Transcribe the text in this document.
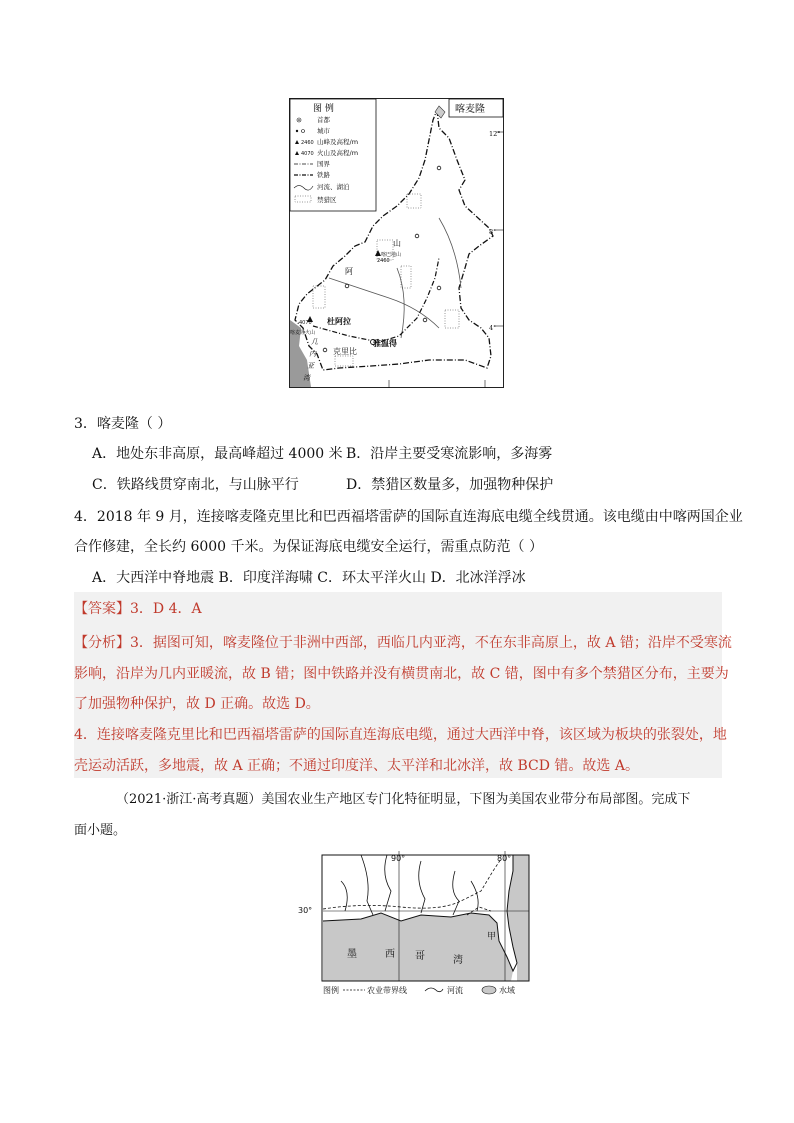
图 例
首都
城市
2460 山峰及高程/m
4070 火山及高程/m
国界
铁路
河流、湖泊
禁猎区
喀麦隆
12°
8°
4°
山
喀巴地山
2460
阿
杜阿拉
喀麦隆火山
4070
克里比
雅温得
几
内
亚
湾
3．喀麦隆（ ）
A．地处东非高原，最高峰超过 4000 米 B．沿岸主要受寒流影响，多海雾
C．铁路线贯穿南北，与山脉平行	D．禁猎区数量多，加强物种保护
4．2018 年 9 月，连接喀麦隆克里比和巴西福塔雷萨的国际直连海底电缆全线贯通。该电缆由中喀两国企业
合作修建，全长约 6000 千米。为保证海底电缆安全运行，需重点防范（ ）
A．大西洋中脊地震 B．印度洋海啸 C．环太平洋火山 D．北冰洋浮冰
【答案】3．D 4．A
【分析】3．据图可知，喀麦隆位于非洲中西部，西临几内亚湾，不在东非高原上，故 A 错；沿岸不受寒流
影响，沿岸为几内亚暖流，故 B 错；图中铁路并没有横贯南北，故 C 错，图中有多个禁猎区分布，主要为
了加强物种保护，故 D 正确。故选 D。
4．连接喀麦隆克里比和巴西福塔雷萨的国际直连海底电缆，通过大西洋中脊，该区域为板块的张裂处，地
壳运动活跃，多地震，故 A 正确；不通过印度洋、太平洋和北冰洋，故 BCD 错。故选 A。
（2021·浙江·高考真题）美国农业生产地区专门化特征明显，下图为美国农业带分布局部图。完成下
面小题。
90°	80°
墨	西 哥	湾
甲
图例	农业带界线	河流	水域
30°
